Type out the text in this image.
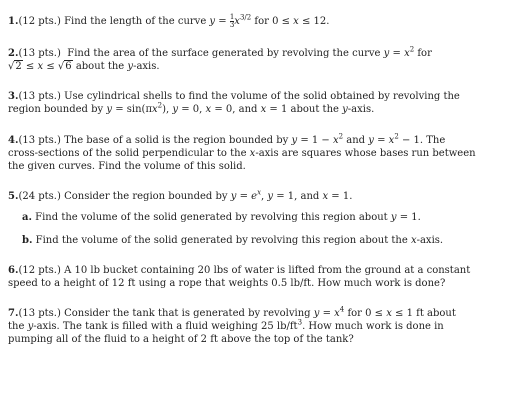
1.(12 pts.) Find the length of the curve $y = \frac{1}{3} x^{3/2}$ for 0 ≤ x ≤ 12.

2.(13 pts.) Find the area of the surface generated by revolving the curve $y = x^2$ for
√2 ≤ x ≤ √6 about the y-axis.

3.(13 pts.) Use cylindrical shells to find the volume of the solid obtained by revolving the
region bounded by $y = \sin(\pi x^2)$, y = 0, x = 0, and x = 1 about the y-axis.

4.(13 pts.) The base of a solid is the region bounded by $y = 1 - x^2$ and $y = x^2 - 1$. The
cross-sections of the solid perpendicular to the x-axis are squares whose bases run between
the given curves. Find the volume of this solid.

5.(24 pts.) Consider the region bounded by $y = e^x$, y = 1, and x = 1.
a. Find the volume of the solid generated by revolving this region about y = 1.
b. Find the volume of the solid generated by revolving this region about the x-axis.

6.(12 pts.) A 10 lb bucket containing 20 lbs of water is lifted from the ground at a constant
speed to a height of 12 ft using a rope that weights 0.5 lb/ft. How much work is done?

7.(13 pts.) Consider the tank that is generated by revolving $y = x^4$ for 0 ≤ x ≤ 1 ft about
the y-axis. The tank is filled with a fluid weighing 25 $lb/ft^3$. How much work is done in
pumping all of the fluid to a height of 2 ft above the top of the tank?
